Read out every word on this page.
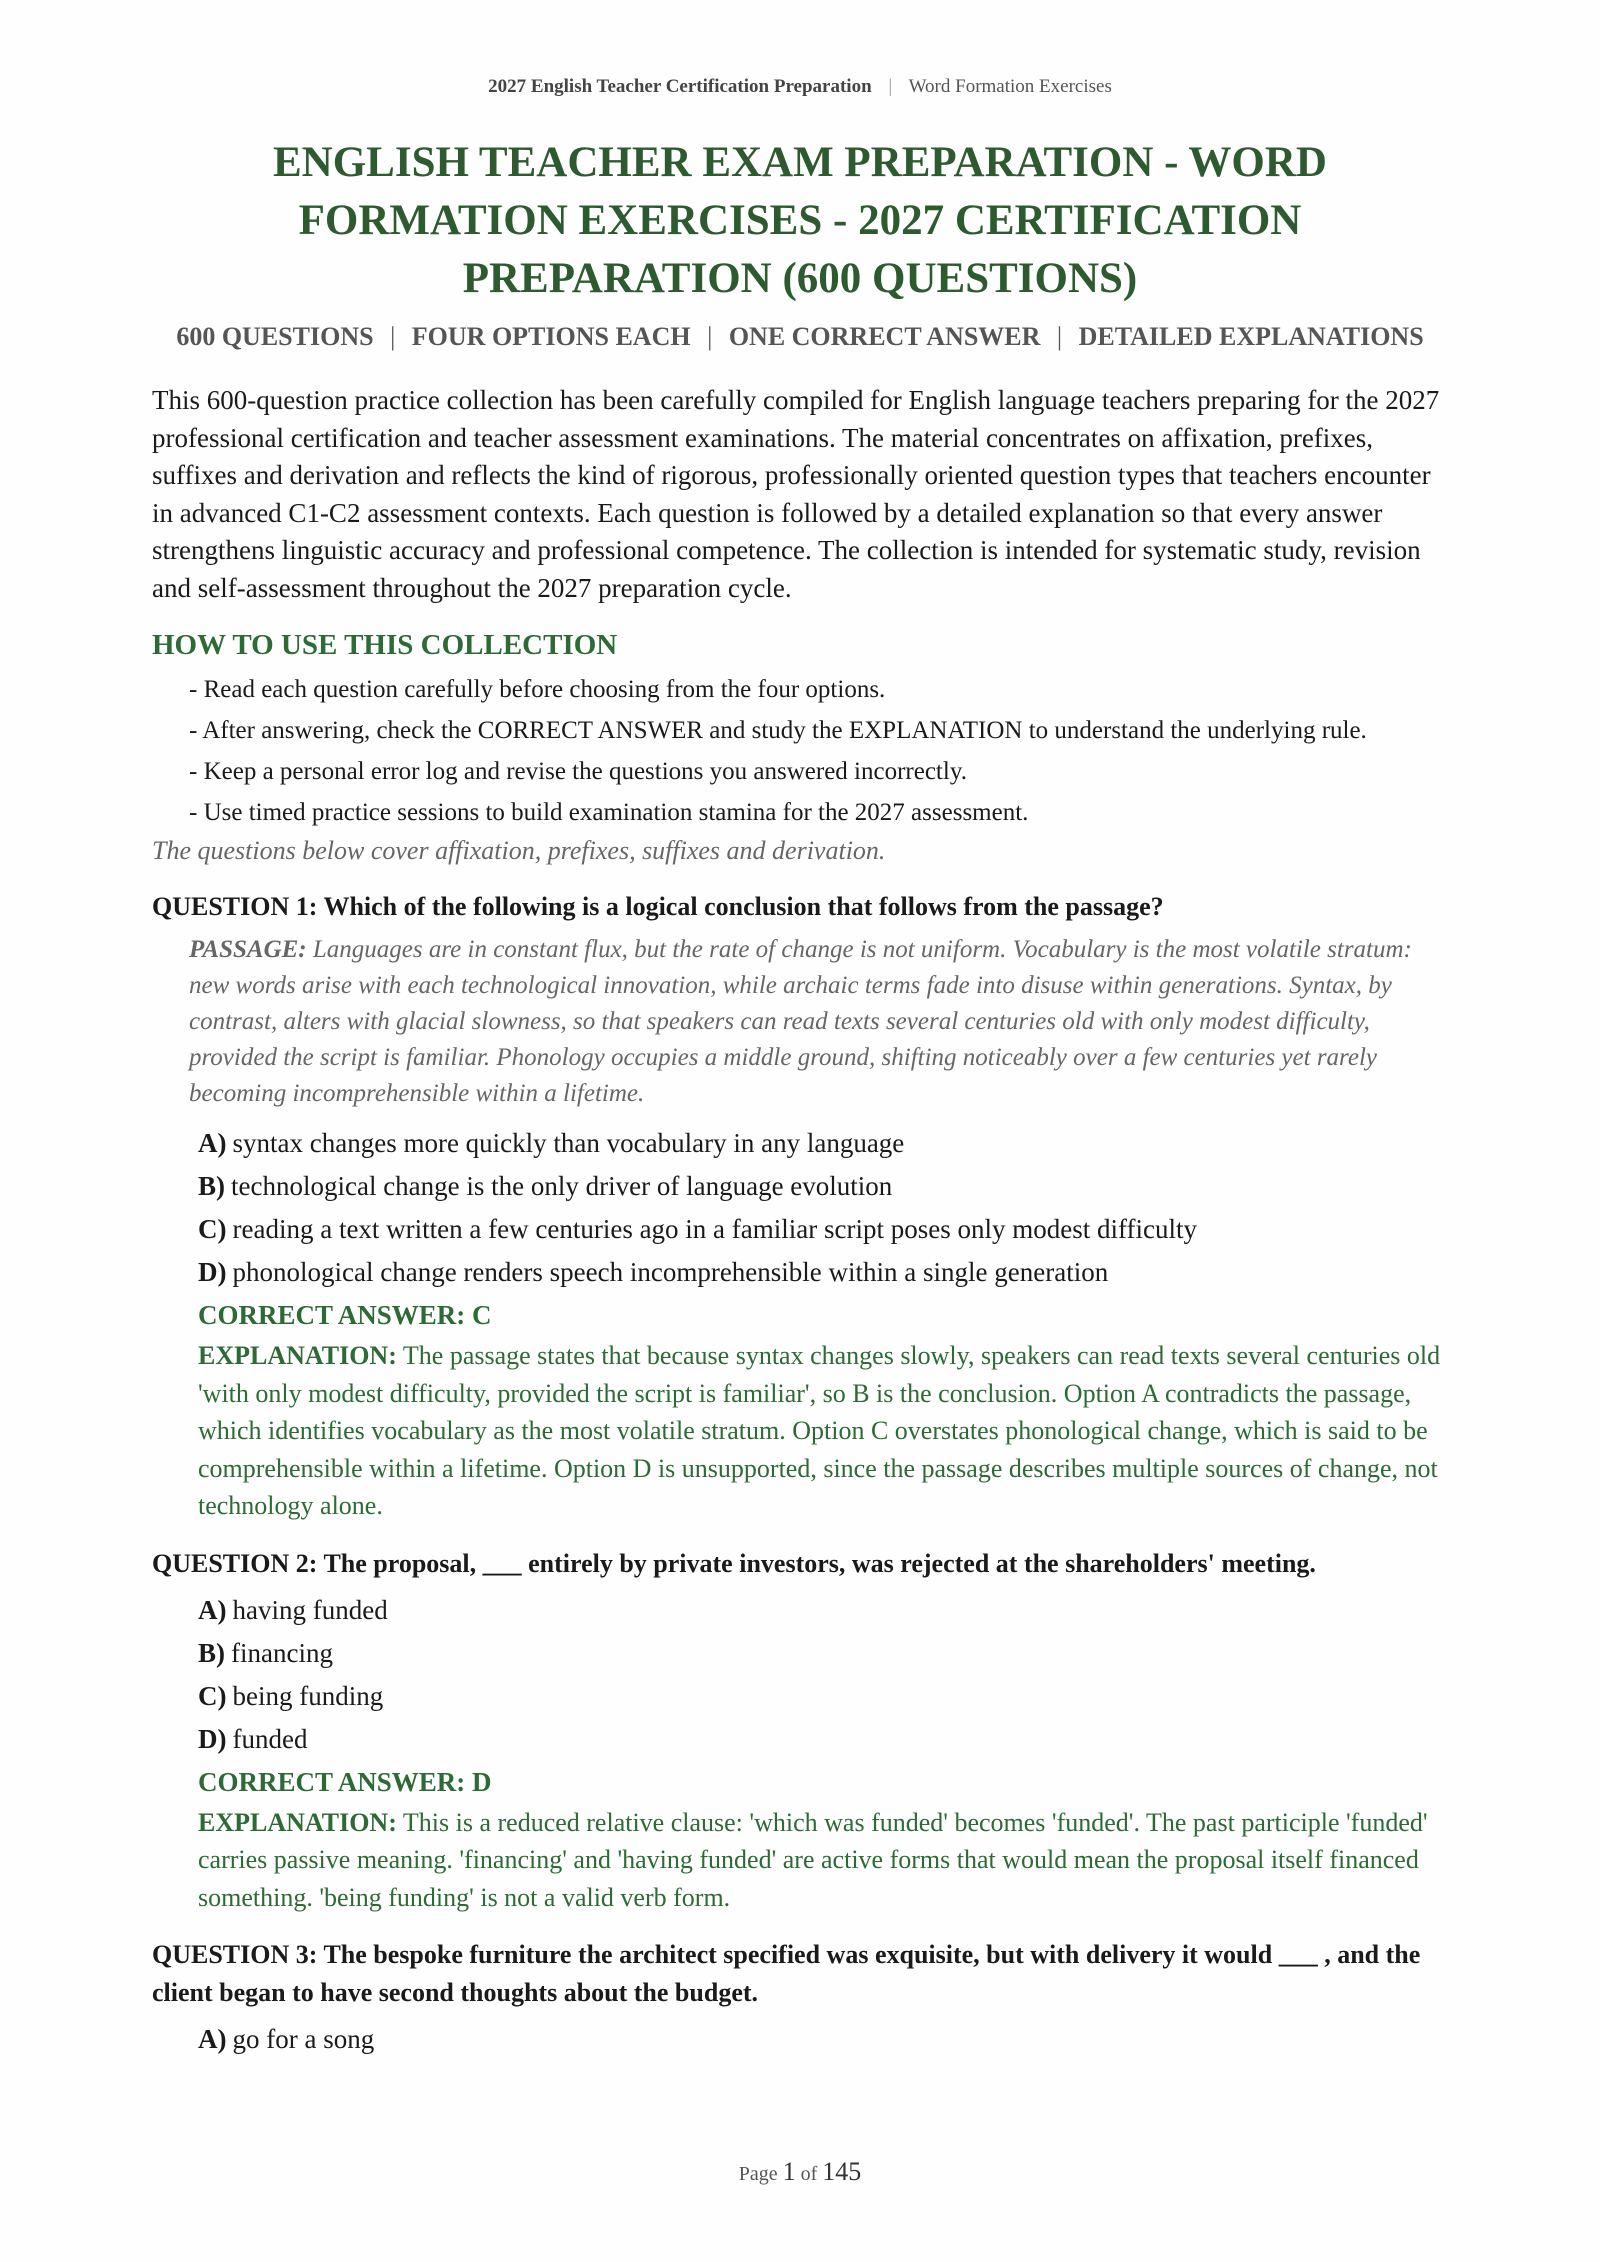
2027 English Teacher Certification Preparation | Word Formation Exercises
ENGLISH TEACHER EXAM PREPARATION - WORD FORMATION EXERCISES - 2027 CERTIFICATION PREPARATION (600 QUESTIONS)
600 QUESTIONS | FOUR OPTIONS EACH | ONE CORRECT ANSWER | DETAILED EXPLANATIONS

This 600-question practice collection has been carefully compiled for English language teachers preparing for the 2027 professional certification and teacher assessment examinations. The material concentrates on affixation, prefixes, suffixes and derivation and reflects the kind of rigorous, professionally oriented question types that teachers encounter in advanced C1-C2 assessment contexts. Each question is followed by a detailed explanation so that every answer strengthens linguistic accuracy and professional competence. The collection is intended for systematic study, revision and self-assessment throughout the 2027 preparation cycle.

HOW TO USE THIS COLLECTION
- Read each question carefully before choosing from the four options.
- After answering, check the CORRECT ANSWER and study the EXPLANATION to understand the underlying rule.
- Keep a personal error log and revise the questions you answered incorrectly.
- Use timed practice sessions to build examination stamina for the 2027 assessment.

The questions below cover affixation, prefixes, suffixes and derivation.

QUESTION 1: Which of the following is a logical conclusion that follows from the passage?

PASSAGE: Languages are in constant flux, but the rate of change is not uniform. Vocabulary is the most volatile stratum: new words arise with each technological innovation, while archaic terms fade into disuse within generations. Syntax, by contrast, alters with glacial slowness, so that speakers can read texts several centuries old with only modest difficulty, provided the script is familiar. Phonology occupies a middle ground, shifting noticeably over a few centuries yet rarely becoming incomprehensible within a lifetime.

A) syntax changes more quickly than vocabulary in any language
B) technological change is the only driver of language evolution
C) reading a text written a few centuries ago in a familiar script poses only modest difficulty
D) phonological change renders speech incomprehensible within a single generation

CORRECT ANSWER: C

EXPLANATION: The passage states that because syntax changes slowly, speakers can read texts several centuries old 'with only modest difficulty, provided the script is familiar', so B is the conclusion. Option A contradicts the passage, which identifies vocabulary as the most volatile stratum. Option C overstates phonological change, which is said to be comprehensible within a lifetime. Option D is unsupported, since the passage describes multiple sources of change, not technology alone.

QUESTION 2: The proposal, ___ entirely by private investors, was rejected at the shareholders' meeting.

A) having funded
B) financing
C) being funding
D) funded

CORRECT ANSWER: D

EXPLANATION: This is a reduced relative clause: 'which was funded' becomes 'funded'. The past participle 'funded' carries passive meaning. 'financing' and 'having funded' are active forms that would mean the proposal itself financed something. 'being funding' is not a valid verb form.

QUESTION 3: The bespoke furniture the architect specified was exquisite, but with delivery it would ___ , and the client began to have second thoughts about the budget.

A) go for a song
Page 1 of 145
